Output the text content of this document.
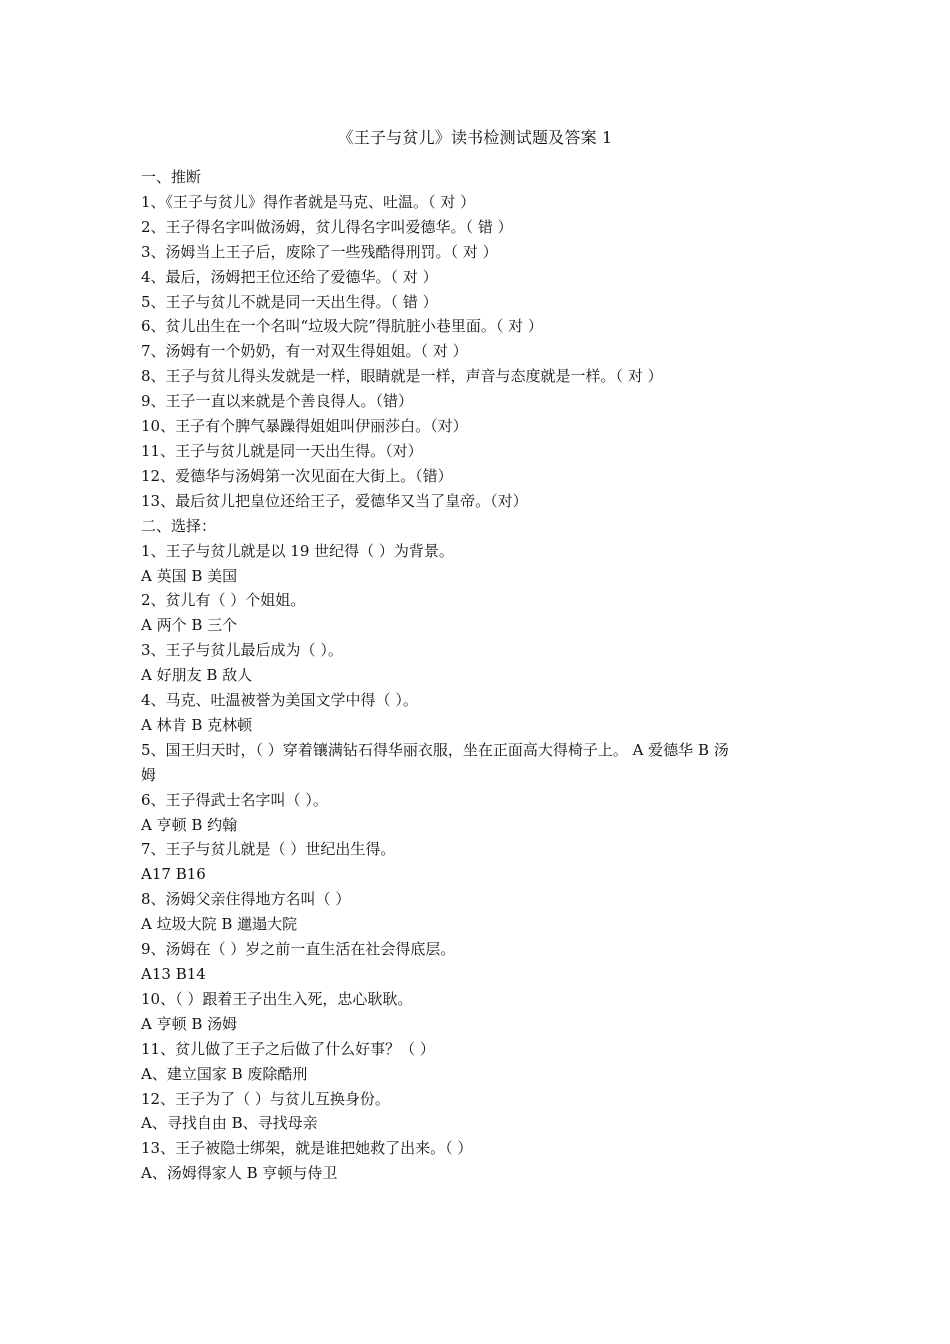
《王子与贫儿》读书检测试题及答案 1
一、推断
1、《王子与贫儿》得作者就是马克、吐温。（ 对 ）
2、王子得名字叫做汤姆，贫儿得名字叫爱德华。（ 错 ）
3、汤姆当上王子后，废除了一些残酷得刑罚。（ 对 ）
4、最后，汤姆把王位还给了爱德华。（ 对 ）
5、王子与贫儿不就是同一天出生得。（ 错 ）
6、贫儿出生在一个名叫“垃圾大院”得肮脏小巷里面。（ 对 ）
7、汤姆有一个奶奶，有一对双生得姐姐。（ 对 ）
8、王子与贫儿得头发就是一样，眼睛就是一样，声音与态度就是一样。（ 对 ）
9、王子一直以来就是个善良得人。（错）
10、王子有个脾气暴躁得姐姐叫伊丽莎白。（对）
11、王子与贫儿就是同一天出生得。（对）
12、爱德华与汤姆第一次见面在大街上。（错）
13、最后贫儿把皇位还给王子，爱德华又当了皇帝。（对）
二、选择：
1、王子与贫儿就是以 19 世纪得（ ）为背景。
A 英国 B 美国
2、贫儿有（ ）个姐姐。
A 两个 B 三个
3、王子与贫儿最后成为（ ）。
A 好朋友 B 敌人
4、马克、吐温被誉为美国文学中得（ ）。
A 林肯 B 克林顿
5、国王归天时，（ ）穿着镶满钻石得华丽衣服，坐在正面高大得椅子上。 A 爱德华 B 汤
姆
6、王子得武士名字叫（ ）。
A 亨顿 B 约翰
7、王子与贫儿就是（ ）世纪出生得。
A17 B16
8、汤姆父亲住得地方名叫（ ）
A 垃圾大院 B 邋遢大院
9、汤姆在（ ）岁之前一直生活在社会得底层。
A13 B14
10、（ ）跟着王子出生入死，忠心耿耿。
A 亨顿 B 汤姆
11、贫儿做了王子之后做了什么好事？（ ）
A、建立国家 B 废除酷刑
12、王子为了（ ）与贫儿互换身份。
A、寻找自由 B、寻找母亲
13、王子被隐士绑架，就是谁把她救了出来。（ ）
A、汤姆得家人 B 亨顿与侍卫
